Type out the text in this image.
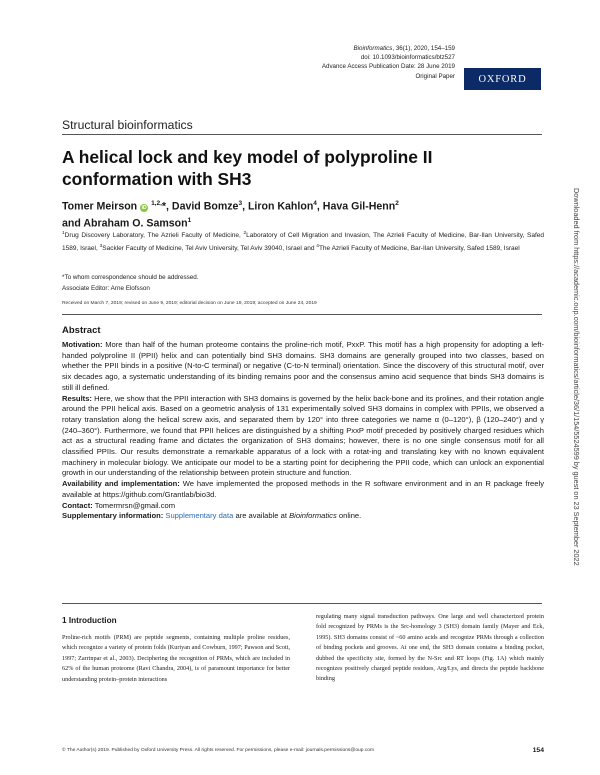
Bioinformatics, 36(1), 2020, 154–159
doi: 10.1093/bioinformatics/btz527
Advance Access Publication Date: 28 June 2019
Original Paper	OXFORD
Structural bioinformatics
A helical lock and key model of polyproline II conformation with SH3
Tomer Meirson iD $^{1,2,}$*, David Bomze$^3$, Liron Kahlon$^4$, Hava Gil-Henn$^2$
and Abraham O. Samson$^1$
$^1$Drug Discovery Laboratory, The Azrieli Faculty of Medicine, $^2$Laboratory of Cell Migration and Invasion, The Azrieli Faculty of Medicine, Bar-Ilan University, Safed 1589, Israel, $^3$Sackler Faculty of Medicine, Tel Aviv University, Tel Aviv 39040, Israel and $^4$The Azrieli Faculty of Medicine, Bar-Ilan University, Safed 1589, Israel
*To whom correspondence should be addressed.
Associate Editor: Arne Elofsson
Received on March 7, 2019; revised on June 9, 2019; editorial decision on June 19, 2019; accepted on June 24, 2019
Abstract

Motivation: More than half of the human proteome contains the proline-rich motif, PxxP. This motif has a high propensity for adopting a left-handed polyproline II (PPII) helix and can potentially bind SH3 domains. SH3 domains are generally grouped into two classes, based on whether the PPII binds in a positive (N-to-C terminal) or negative (C-to-N terminal) orientation. Since the discovery of this structural motif, over six decades ago, a systematic understanding of its binding remains poor and the consensus amino acid sequence that binds SH3 domains is still ill defined.

Results: Here, we show that the PPII interaction with SH3 domains is governed by the helix back-bone and its prolines, and their rotation angle around the PPII helical axis. Based on a geometric analysis of 131 experimentally solved SH3 domains in complex with PPIIs, we observed a rotary translation along the helical screw axis, and separated them by 120° into three categories we name α (0–120°), β (120–240°) and γ (240–360°). Furthermore, we found that PPII helices are distinguished by a shifting PxxP motif preceded by positively charged residues which act as a structural reading frame and dictates the organization of SH3 domains; however, there is no one single consensus motif for all classified PPIIs. Our results demonstrate a remarkable apparatus of a lock with a rotat-ing and translating key with no known equivalent machinery in molecular biology. We anticipate our model to be a starting point for deciphering the PPII code, which can unlock an exponential growth in our understanding of the relationship between protein structure and function.

Availability and implementation: We have implemented the proposed methods in the R software environment and in an R package freely available at https://github.com/Grantlab/bio3d.

Contact: Tomermrsn@gmail.com

Supplementary information: Supplementary data are available at Bioinformatics online.

1 Introduction

Proline-rich motifs (PRM) are peptide segments, containing multiple proline residues, which recognize a variety of protein folds (Kuriyan and Cowburn, 1997; Pawson and Scott, 1997; Zarrinpar et al., 2003). Deciphering the recognition of PRMs, which are included in 62% of the human proteome (Ravi Chandra, 2004), is of paramount importance for better understanding protein–protein interactions

regulating many signal transduction pathways. One large and well characterized protein fold recognized by PRMs is the Src-homology 3 (SH3) domain family (Mayer and Eck, 1995). SH3 domains consist of ~60 amino acids and recognize PRMs through a collection of binding pockets and grooves. At one end, the SH3 domain contains a binding pocket, dubbed the specificity site, formed by the N-Src and RT loops (Fig. 1A) which mainly recognizes positively charged peptide residues, Arg/Lys, and directs the peptide backbone binding

© The Author(s) 2019. Published by Oxford University Press. All rights reserved. For permissions, please e-mail: journals.permissions@oup.com	154
Downloaded from https://academic.oup.com/bioinformatics/article/36/1/154/5524599 by guest on 23 September 2022
